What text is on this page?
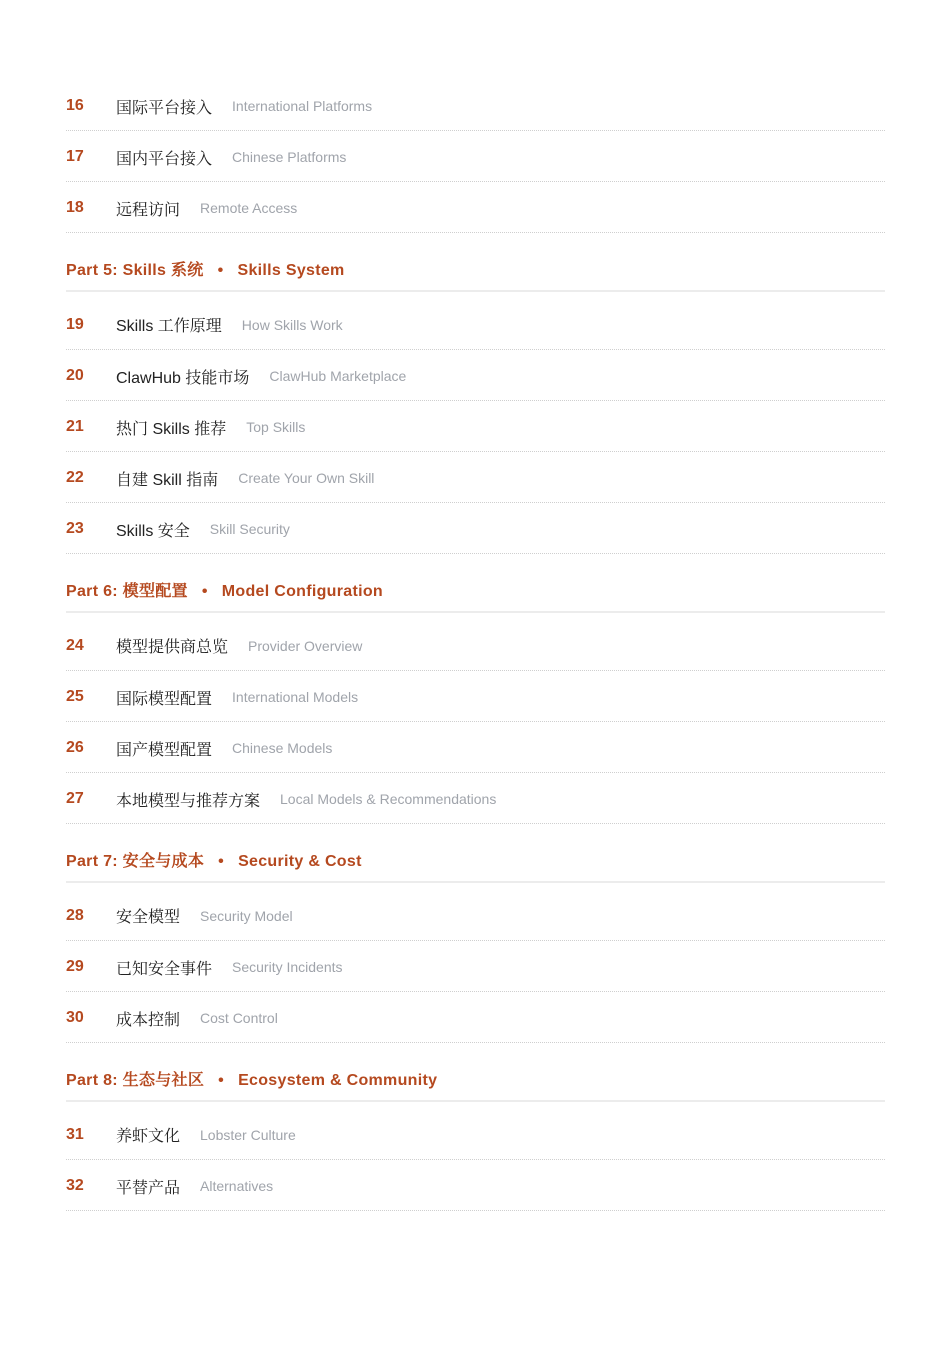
16	国际平台接入 International Platforms
17	国内平台接入 Chinese Platforms
18	远程访问 Remote Access
Part 5: Skills 系统 • Skills System
19	Skills 工作原理 How Skills Work
20	ClawHub 技能市场 ClawHub Marketplace
21	热门 Skills 推荐 Top Skills
22	自建 Skill 指南 Create Your Own Skill
23	Skills 安全 Skill Security
Part 6: 模型配置 • Model Configuration
24	模型提供商总览 Provider Overview
25	国际模型配置 International Models
26	国产模型配置 Chinese Models
27	本地模型与推荐方案 Local Models & Recommendations
Part 7: 安全与成本 • Security & Cost
28	安全模型 Security Model
29	已知安全事件 Security Incidents
30	成本控制 Cost Control
Part 8: 生态与社区 • Ecosystem & Community
31	养虾文化 Lobster Culture
32	平替产品 Alternatives
